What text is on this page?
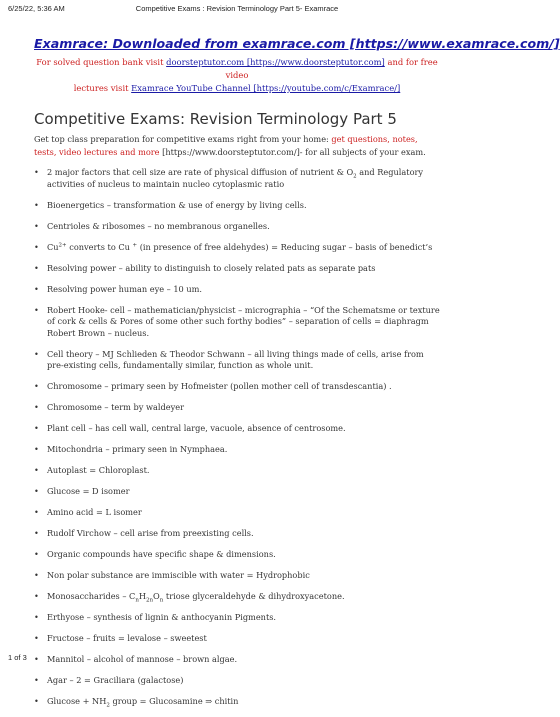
6/25/22, 5:36 AM	Competitive Exams : Revision Terminology Part 5- Examrace

Examrace: Downloaded from examrace.com [https://www.examrace.com/]

For solved question bank visit doorsteptutor.com [https://www.doorsteptutor.com] and for free video
lectures visit Examrace YouTube Channel [https://youtube.com/c/Examrace/]

Competitive Exams: Revision Terminology Part 5

Get top class preparation for competitive exams right from your home: get questions, notes, tests, video lectures and more [https://www.doorsteptutor.com/]- for all subjects of your exam.

• 2 major factors that cell size are rate of physical diffusion of nutrient & $O_2$ and Regulatory activities of nucleus to maintain nucleo cytoplasmic ratio
• Bioenergetics – transformation & use of energy by living cells.
• Centrioles & ribosomes – no membranous organelles.
• $Cu^{2+}$ converts to Cu + (in presence of free aldehydes) = Reducing sugar – basis of benedict’s
• Resolving power – ability to distinguish to closely related pats as separate pats
• Resolving power human eye – 10 um.
• Robert Hooke- cell – mathematician/physicist – micrographia – “Of the Schematsme or texture of cork & cells & Pores of some other such forthy bodies” – separation of cells = diaphragm Robert Brown – nucleus.
• Cell theory – MJ Schlieden & Theodor Schwann – all living things made of cells, arise from pre-existing cells, fundamentally similar, function as whole unit.
• Chromosome – primary seen by Hofmeister (pollen mother cell of transdescantia) .
• Chromosome – term by waldeyer
• Plant cell – has cell wall, central large, vacuole, absence of centrosome.
• Mitochondria – primary seen in Nymphaea.
• Autoplast = Chloroplast.
• Glucose = D isomer
• Amino acid = L isomer
• Rudolf Virchow – cell arise from preexisting cells.
• Organic compounds have specific shape & dimensions.
• Non polar substance are immiscible with water = Hydrophobic
• Monosaccharides – $C_nH_{2n}O_n$ triose glyceraldehyde & dihydroxyacetone.
• Erthyose – synthesis of lignin & anthocyanin Pigments.
• Fructose – fruits = levalose – sweetest
• Mannitol – alcohol of mannose – brown algae.
• Agar – 2 = Graciliara (galactose)
• $Glucose + NH_2$ group = Glucosamine ⇒ chitin
1 of 3
